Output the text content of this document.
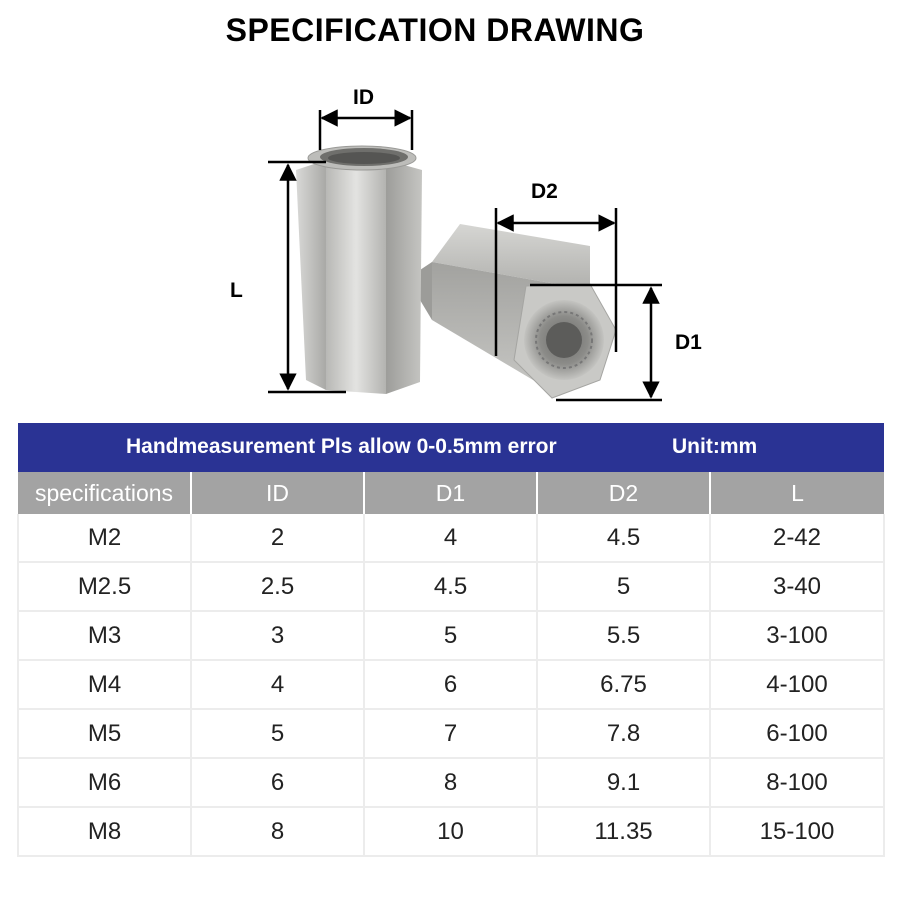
SPECIFICATION DRAWING
ID
D2
L
D1
Handmeasurement Pls allow 0-0.5mm error Unit:mm				

specifications	ID	D1	D2	L
M2	2	4	4.5	2-42
M2.5	2.5	4.5	5	3-40
M3	3	5	5.5	3-100
M4	4	6	6.75	4-100
M5	5	7	7.8	6-100
M6	6	8	9.1	8-100
M8	8	10	11.35	15-100
